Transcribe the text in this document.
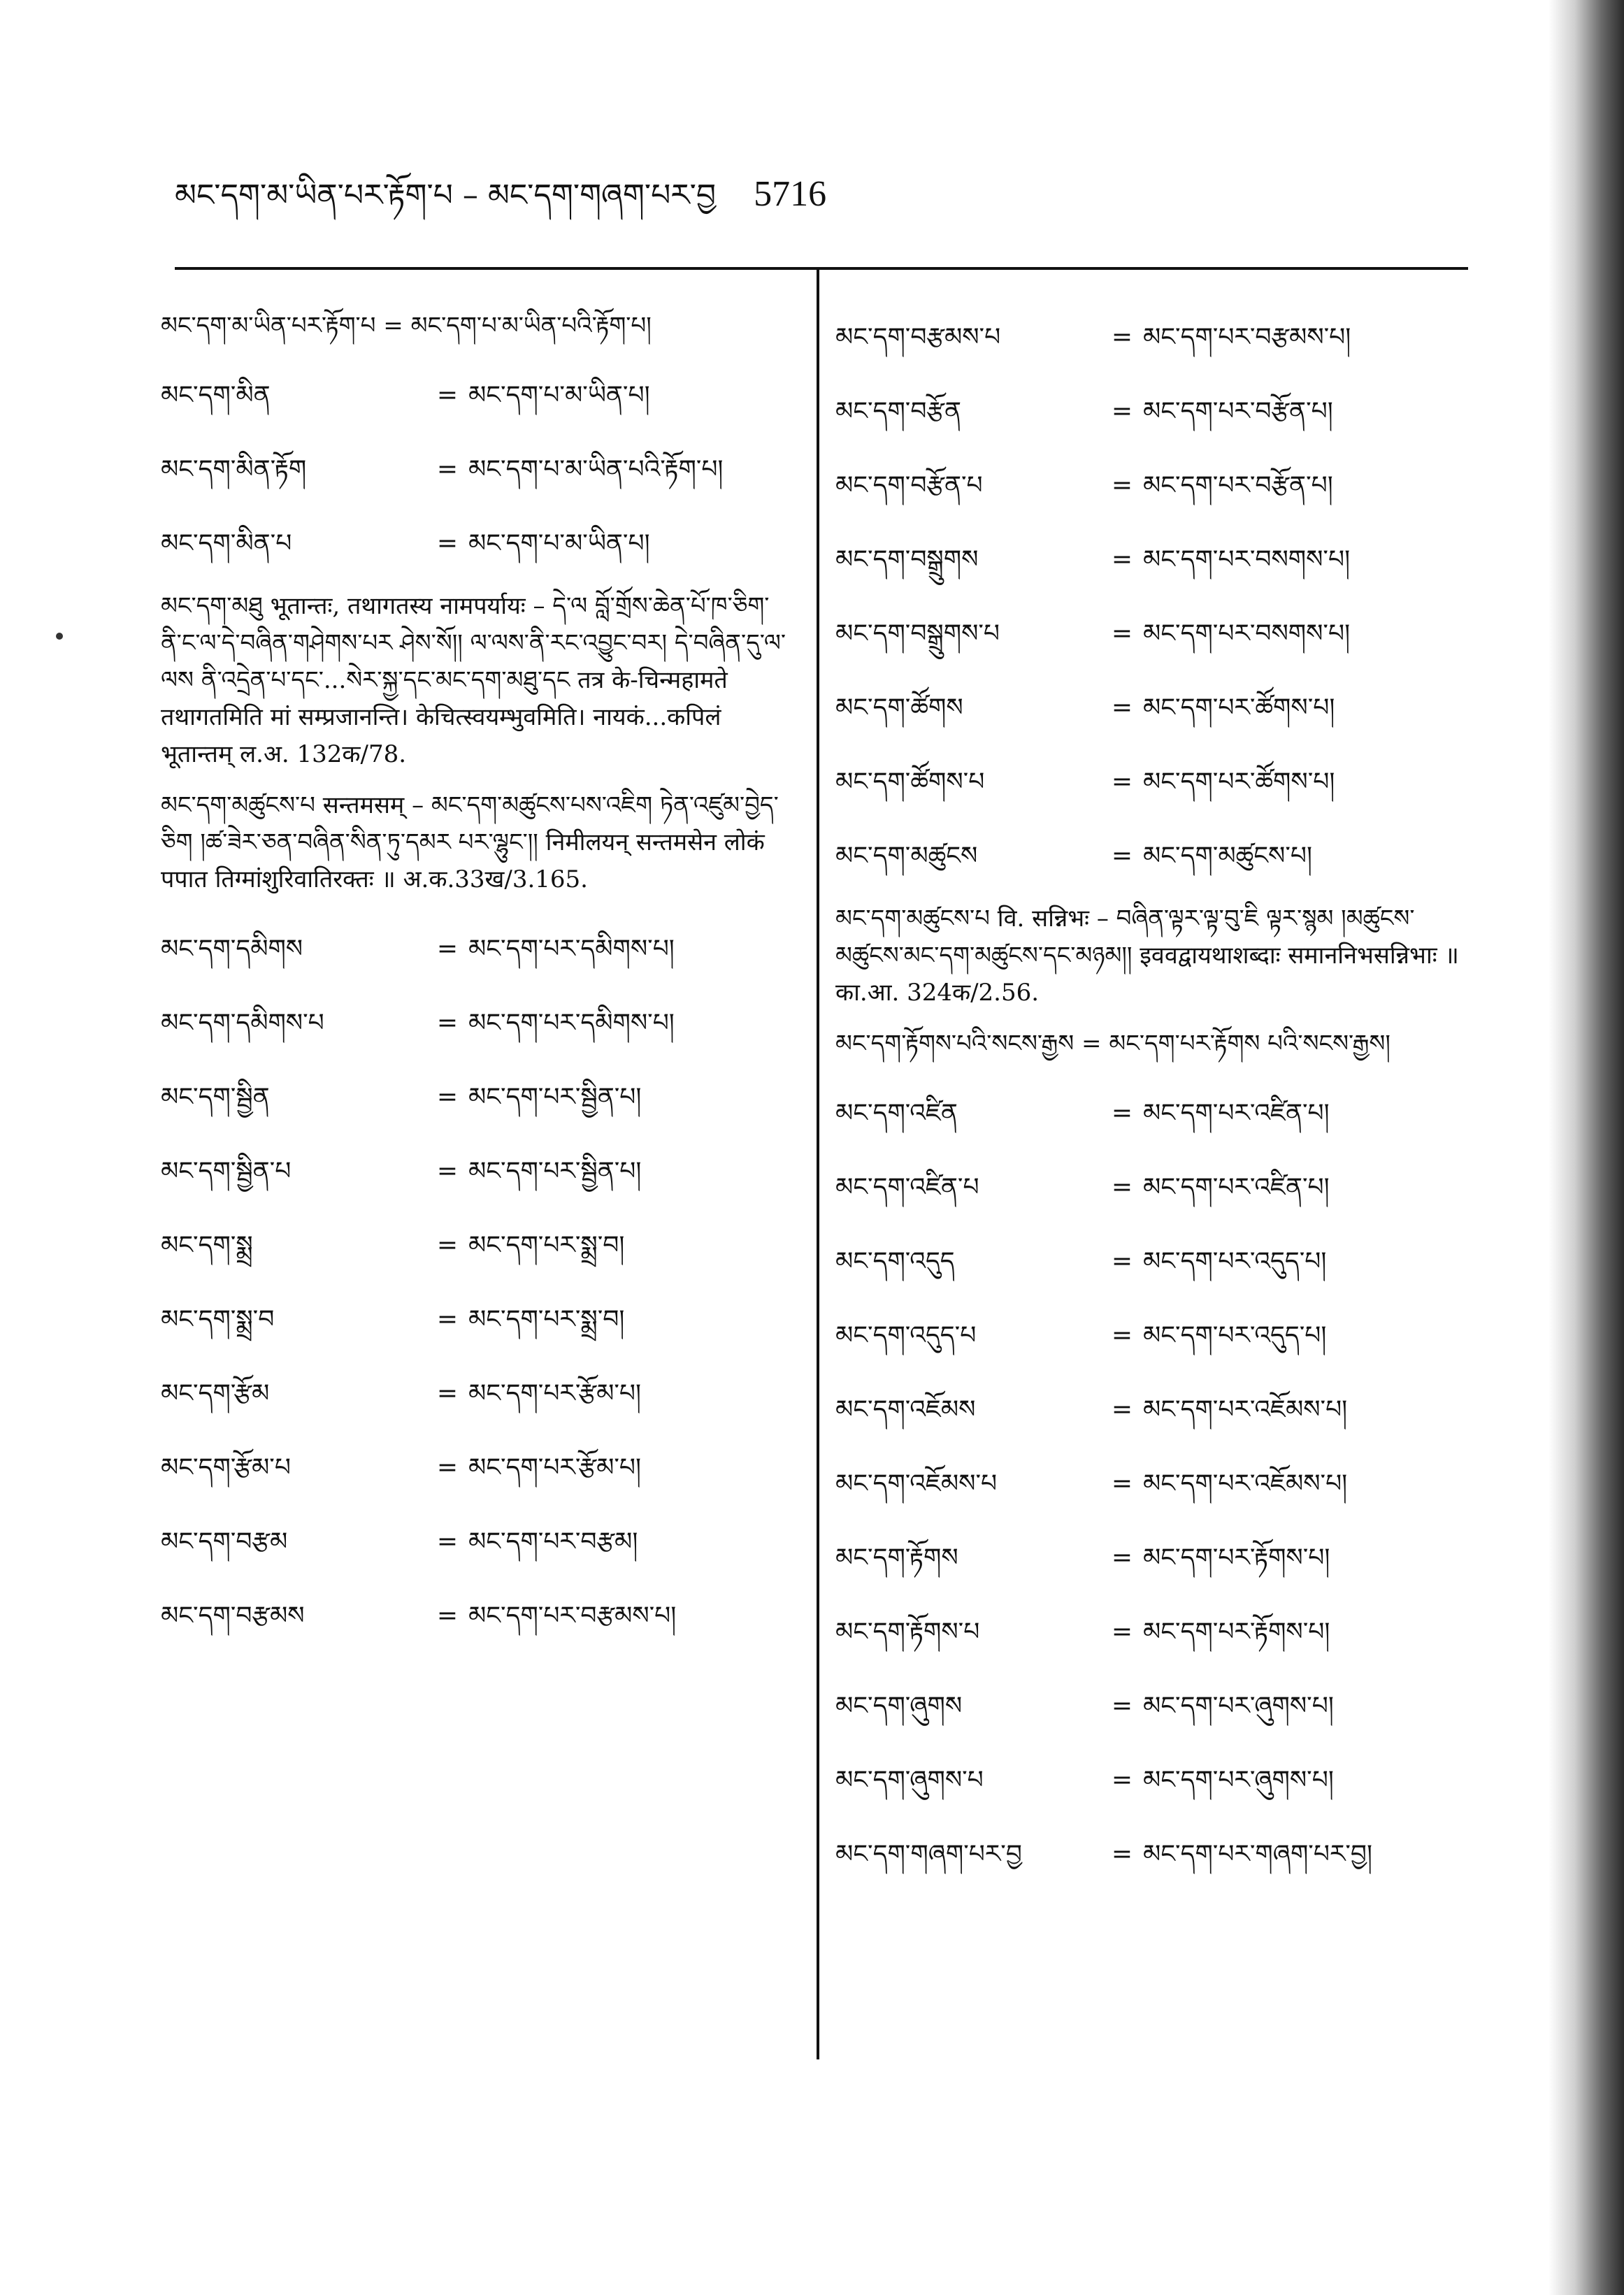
མང་དག་མ་ཡིན་པར་རྟོག་པ – མང་དག་གཞག་པར་བྱ 5716
མང་དག་མ་ཡིན་པར་རྟོག་པ = མང་དག་པ་མ་ཡིན་པའི་རྟོག་པ།
མང་དག་མིན	= མང་དག་པ་མ་ཡིན་པ།
མང་དག་མིན་རྟོག	= མང་དག་པ་མ་ཡིན་པའི་རྟོག་པ།
མང་དག་མིན་པ	= མང་དག་པ་མ་ཡིན་པ།
མང་དག་མཐུ भूतान्तः, तथागतस्य नामपर्यायः – དེ་ལ བློ་གྲོས་ཆེན་པོ་ཁ་ཅིག་ནི་ང་ལ་དེ་བཞིན་གཤེགས་པར ཤེས་སོ།། ལ་ལས་ནི་རང་འབྱུང་བར། དེ་བཞིན་དུ་ལ་ལས ནི་འདྲེན་པ་དང་...སེར་སྐྱ་དང་མང་དག་མཐུ་དང तत्र के-चिन्महामते तथागतमिति मां सम्प्रजानन्ति। केचित्स्वयम्भुवमिति। नायकं...कपिलं भूतान्तम् ल.अ. 132क/78.
མང་དག་མཚུངས་པ सन्तमसम् – མང་དག་མཚུངས་པས་འཇིག ཏེན་འཛུམ་བྱེད་ཅིག །ཚ་ཟེར་ཅན་བཞིན་སིན་ཏུ་དམར པར་ལྷུང་།། निमीलयन् सन्तमसेन लोकं पपात तिग्मांशुरिवातिरक्तः ॥ अ.क.33ख/3.165.
མང་དག་དམིགས	= མང་དག་པར་དམིགས་པ།
མང་དག་དམིགས་པ	= མང་དག་པར་དམིགས་པ།
མང་དག་སྦྱིན	= མང་དག་པར་སྦྱིན་པ།
མང་དག་སྦྱིན་པ	= མང་དག་པར་སྦྱིན་པ།
མང་དག་སྨྲ	= མང་དག་པར་སྨྲ་བ།
མང་དག་སྨྲ་བ	= མང་དག་པར་སྨྲ་བ།
མང་དག་རྩོམ	= མང་དག་པར་རྩོམ་པ།
མང་དག་རྩོམ་པ	= མང་དག་པར་རྩོམ་པ།
མང་དག་བརྩམ	= མང་དག་པར་བརྩམ།
མང་དག་བརྩམས	= མང་དག་པར་བརྩམས་པ།
མང་དག་བརྩམས་པ	= མང་དག་པར་བརྩམས་པ།
མང་དག་བརྩོན	= མང་དག་པར་བརྩོན་པ།
མང་དག་བརྩོན་པ	= མང་དག་པར་བརྩོན་པ།
མང་དག་བསྒྲུགས	= མང་དག་པར་བསགས་པ།
མང་དག་བསྒྲུགས་པ	= མང་དག་པར་བསགས་པ།
མང་དག་ཚོགས	= མང་དག་པར་ཚོགས་པ།
མང་དག་ཚོགས་པ	= མང་དག་པར་ཚོགས་པ།
མང་དག་མཚུངས	= མང་དག་མཚུངས་པ།
མང་དག་མཚུངས་པ वि. सन्निभः – བཞིན་ལྟར་ལྟ་བུ་ཇི ལྟར་སྙམ །མཚུངས་མཚུངས་མང་དག་མཚུངས་དང་མཉམ།། इववद्वायथाशब्दाः समाननिभसन्निभाः ॥ का.आ. 324क/2.56.
མང་དག་རྟོགས་པའི་སངས་རྒྱས = མང་དག་པར་རྟོགས པའི་སངས་རྒྱས།
མང་དག་འཛིན	= མང་དག་པར་འཛིན་པ།
མང་དག་འཛིན་པ	= མང་དག་པར་འཛིན་པ།
མང་དག་འདུད	= མང་དག་པར་འདུད་པ།
མང་དག་འདུད་པ	= མང་དག་པར་འདུད་པ།
མང་དག་འཇོམས	= མང་དག་པར་འཇོམས་པ།
མང་དག་འཇོམས་པ	= མང་དག་པར་འཇོམས་པ།
མང་དག་རྟོགས	= མང་དག་པར་རྟོགས་པ།
མང་དག་རྟོགས་པ	= མང་དག་པར་རྟོགས་པ།
མང་དག་ཞུགས	= མང་དག་པར་ཞུགས་པ།
མང་དག་ཞུགས་པ	= མང་དག་པར་ཞུགས་པ།
མང་དག་གཞག་པར་བྱ	= མང་དག་པར་གཞག་པར་བྱ།
